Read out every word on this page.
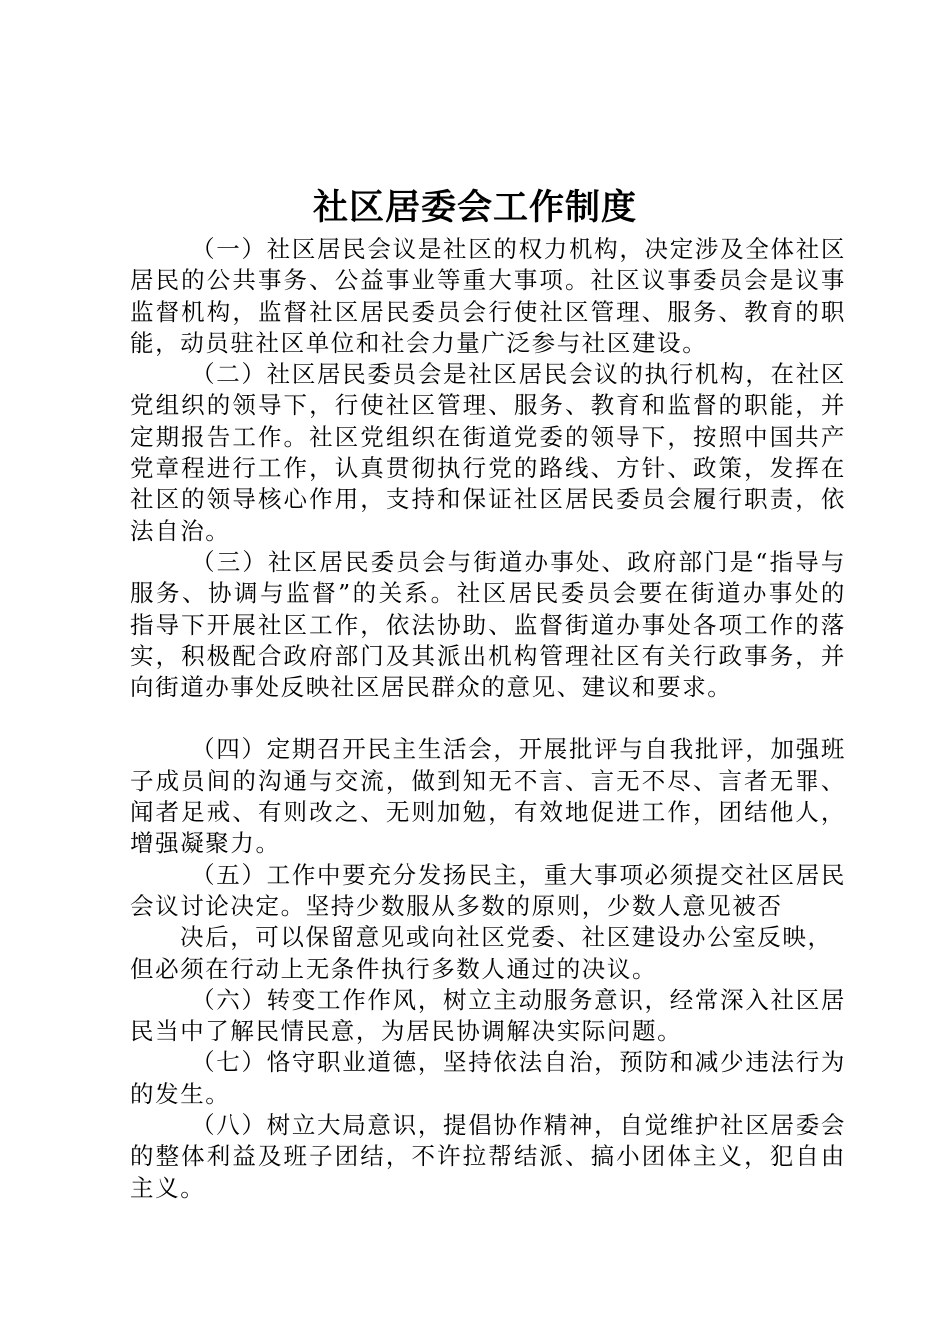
社区居委会工作制度

（一）社区居民会议是社区的权力机构，决定涉及全体社区居民的公共事务、公益事业等重大事项。社区议事委员会是议事监督机构，监督社区居民委员会行使社区管理、服务、教育的职能，动员驻社区单位和社会力量广泛参与社区建设。

（二）社区居民委员会是社区居民会议的执行机构，在社区党组织的领导下，行使社区管理、服务、教育和监督的职能，并定期报告工作。社区党组织在街道党委的领导下，按照中国共产党章程进行工作，认真贯彻执行党的路线、方针、政策，发挥在社区的领导核心作用，支持和保证社区居民委员会履行职责，依法自治。

（三）社区居民委员会与街道办事处、政府部门是“指导与服务、协调与监督”的关系。社区居民委员会要在街道办事处的指导下开展社区工作，依法协助、监督街道办事处各项工作的落实，积极配合政府部门及其派出机构管理社区有关行政事务，并向街道办事处反映社区居民群众的意见、建议和要求。

（四）定期召开民主生活会，开展批评与自我批评，加强班子成员间的沟通与交流，做到知无不言、言无不尽、言者无罪、闻者足戒、有则改之、无则加勉，有效地促进工作，团结他人，增强凝聚力。

（五）工作中要充分发扬民主，重大事项必须提交社区居民会议讨论决定。坚持少数服从多数的原则，少数人意见被否
决后，可以保留意见或向社区党委、社区建设办公室反映，
但必须在行动上无条件执行多数人通过的决议。

（六）转变工作作风，树立主动服务意识，经常深入社区居民当中了解民情民意，为居民协调解决实际问题。

（七）恪守职业道德，坚持依法自治，预防和减少违法行为的发生。

（八）树立大局意识，提倡协作精神，自觉维护社区居委会的整体利益及班子团结，不许拉帮结派、搞小团体主义，犯自由主义。
